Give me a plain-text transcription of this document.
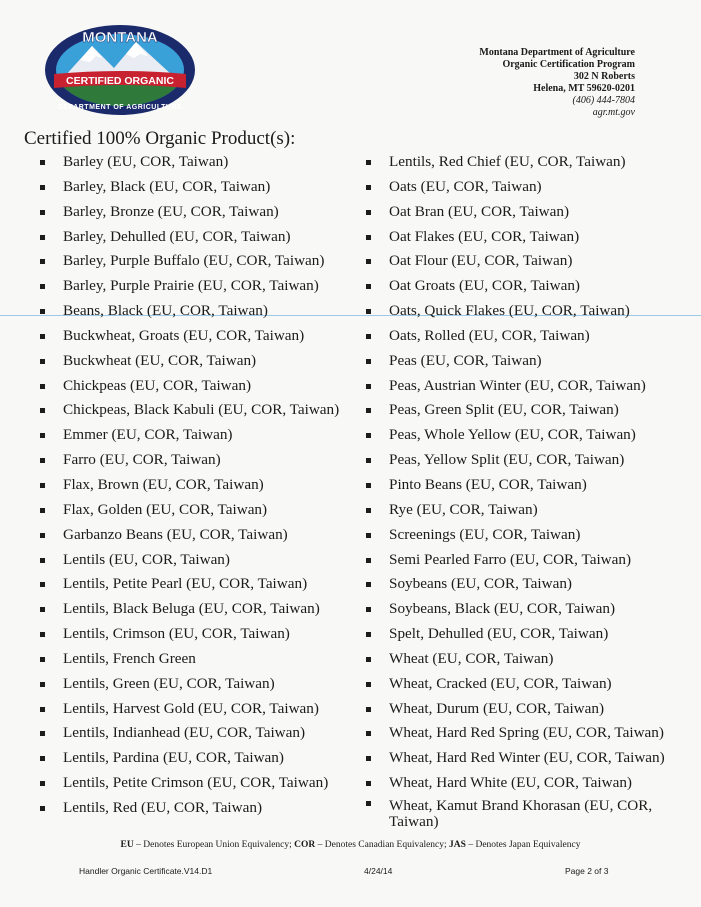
MONTANA
CERTIFIED ORGANIC
DEPARTMENT OF AGRICULTURE
Montana Department of Agriculture
Organic Certification Program
302 N Roberts
Helena, MT 59620-0201
(406) 444-7804
agr.mt.gov
Certified 100% Organic Product(s):
Barley (EU, COR, Taiwan)
Barley, Black (EU, COR, Taiwan)
Barley, Bronze (EU, COR, Taiwan)
Barley, Dehulled (EU, COR, Taiwan)
Barley, Purple Buffalo (EU, COR, Taiwan)
Barley, Purple Prairie (EU, COR, Taiwan)
Beans, Black (EU, COR, Taiwan)
Buckwheat, Groats (EU, COR, Taiwan)
Buckwheat (EU, COR, Taiwan)
Chickpeas (EU, COR, Taiwan)
Chickpeas, Black Kabuli (EU, COR, Taiwan)
Emmer (EU, COR, Taiwan)
Farro (EU, COR, Taiwan)
Flax, Brown (EU, COR, Taiwan)
Flax, Golden (EU, COR, Taiwan)
Garbanzo Beans (EU, COR, Taiwan)
Lentils (EU, COR, Taiwan)
Lentils, Petite Pearl (EU, COR, Taiwan)
Lentils, Black Beluga (EU, COR, Taiwan)
Lentils, Crimson (EU, COR, Taiwan)
Lentils, French Green
Lentils, Green (EU, COR, Taiwan)
Lentils, Harvest Gold (EU, COR, Taiwan)
Lentils, Indianhead (EU, COR, Taiwan)
Lentils, Pardina (EU, COR, Taiwan)
Lentils, Petite Crimson (EU, COR, Taiwan)
Lentils, Red (EU, COR, Taiwan)
Lentils, Red Chief (EU, COR, Taiwan)
Oats (EU, COR, Taiwan)
Oat Bran (EU, COR, Taiwan)
Oat Flakes (EU, COR, Taiwan)
Oat Flour (EU, COR, Taiwan)
Oat Groats (EU, COR, Taiwan)
Oats, Quick Flakes (EU, COR, Taiwan)
Oats, Rolled (EU, COR, Taiwan)
Peas (EU, COR, Taiwan)
Peas, Austrian Winter (EU, COR, Taiwan)
Peas, Green Split (EU, COR, Taiwan)
Peas, Whole Yellow (EU, COR, Taiwan)
Peas, Yellow Split (EU, COR, Taiwan)
Pinto Beans (EU, COR, Taiwan)
Rye (EU, COR, Taiwan)
Screenings (EU, COR, Taiwan)
Semi Pearled Farro (EU, COR, Taiwan)
Soybeans (EU, COR, Taiwan)
Soybeans, Black (EU, COR, Taiwan)
Spelt, Dehulled (EU, COR, Taiwan)
Wheat (EU, COR, Taiwan)
Wheat, Cracked (EU, COR, Taiwan)
Wheat, Durum (EU, COR, Taiwan)
Wheat, Hard Red Spring (EU, COR, Taiwan)
Wheat, Hard Red Winter (EU, COR, Taiwan)
Wheat, Hard White (EU, COR, Taiwan)
Wheat, Kamut Brand Khorasan (EU, COR, Taiwan)
EU – Denotes European Union Equivalency; COR – Denotes Canadian Equivalency; JAS – Denotes Japan Equivalency
Handler Organic Certificate.V14.D1	4/24/14	Page 2 of 3
